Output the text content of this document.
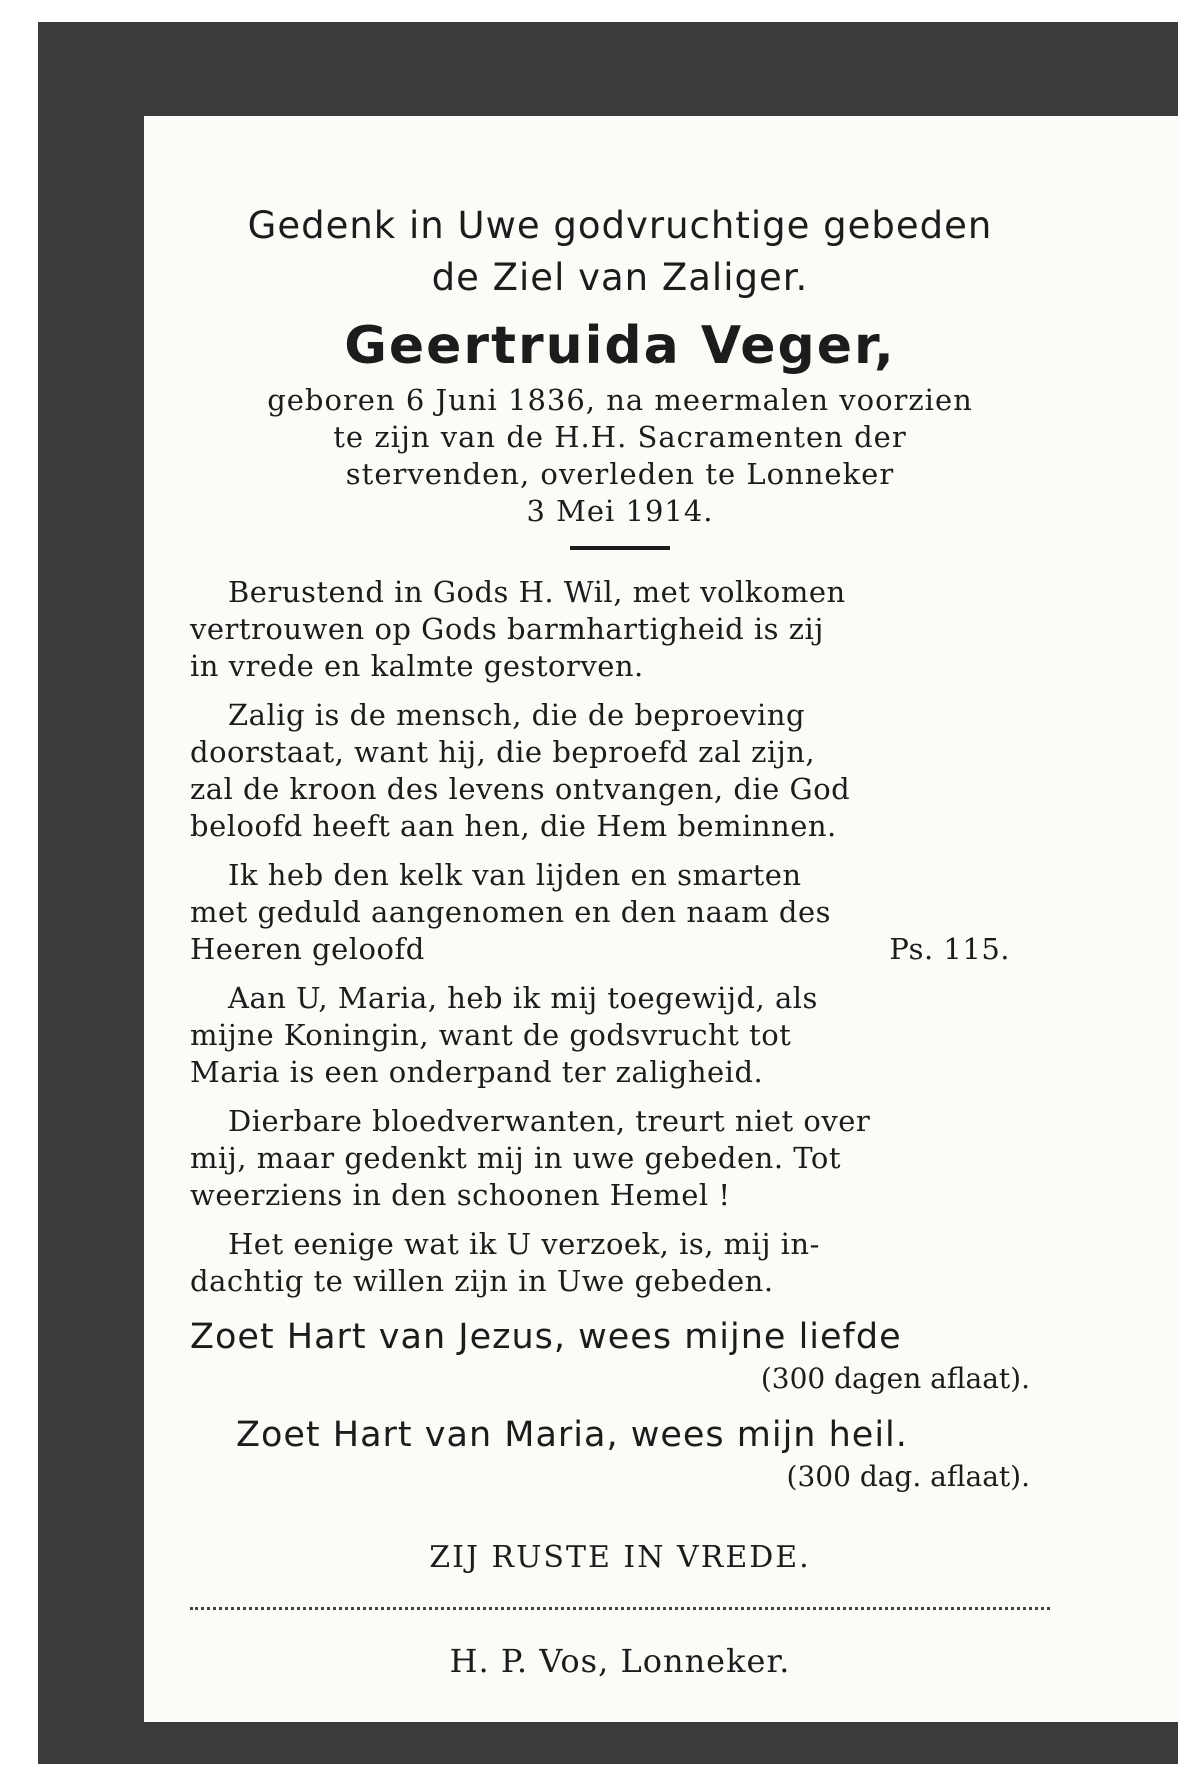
Gedenk in Uwe godvruchtige gebeden

de Ziel van Zaliger.

Geertruida Veger,

geboren 6 Juni 1836, na meermalen voorzien

te zijn van de H.H. Sacramenten der

stervenden, overleden te Lonneker

3 Mei 1914.

Berustend in Gods H. Wil, met volkomen
vertrouwen op Gods barmhartigheid is zij
in vrede en kalmte gestorven.
Zalig is de mensch, die de beproeving
doorstaat, want hij, die beproefd zal zijn,
zal de kroon des levens ontvangen, die God
beloofd heeft aan hen, die Hem beminnen.
Ik heb den kelk van lijden en smarten
met geduld aangenomen en den naam des
Heeren geloofd	Ps. 115.
Aan U, Maria, heb ik mij toegewijd, als
mijne Koningin, want de godsvrucht tot
Maria is een onderpand ter zaligheid.
Dierbare bloedverwanten, treurt niet over
mij, maar gedenkt mij in uwe gebeden. Tot
weerziens in den schoonen Hemel !
Het eenige wat ik U verzoek, is, mij in-
dachtig te willen zijn in Uwe gebeden.
Zoet Hart van Jezus, wees mijne liefde
(300 dagen aflaat).
Zoet Hart van Maria, wees mijn heil.
(300 dag. aflaat).
ZIJ RUSTE IN VREDE.
H. P. Vos, Lonneker.
